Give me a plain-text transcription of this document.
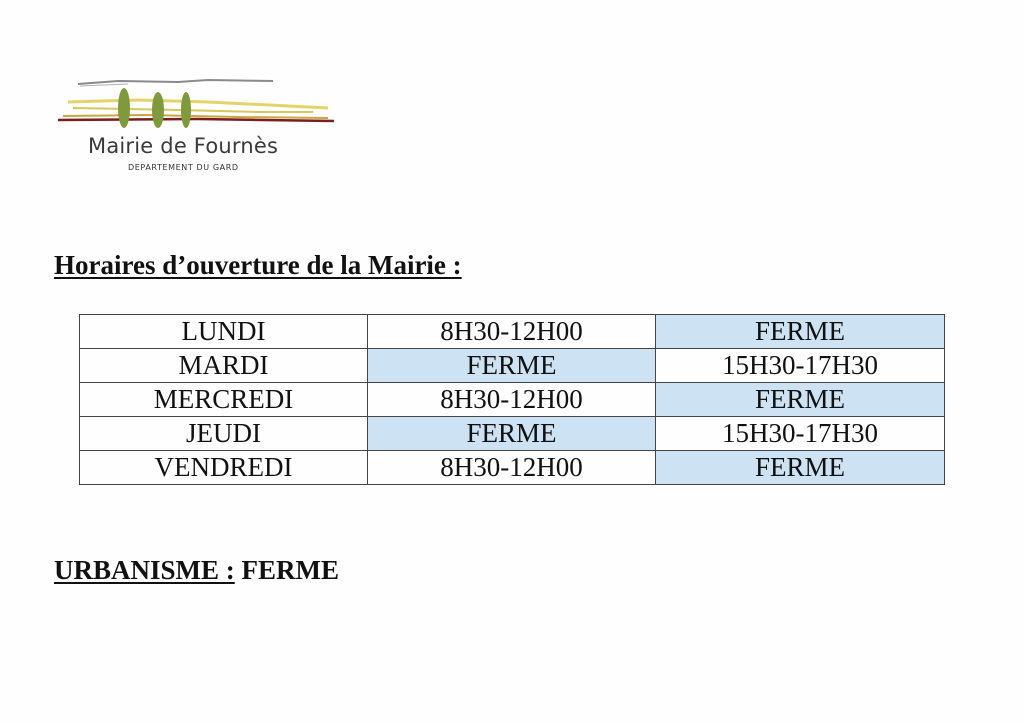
Mairie de Fournès
DEPARTEMENT DU GARD
Horaires d’ouverture de la Mairie :
LUNDI	8H30-12H00	FERME
MARDI	FERME	15H30-17H30
MERCREDI	8H30-12H00	FERME
JEUDI	FERME	15H30-17H30
VENDREDI	8H30-12H00	FERME
URBANISME : FERME
